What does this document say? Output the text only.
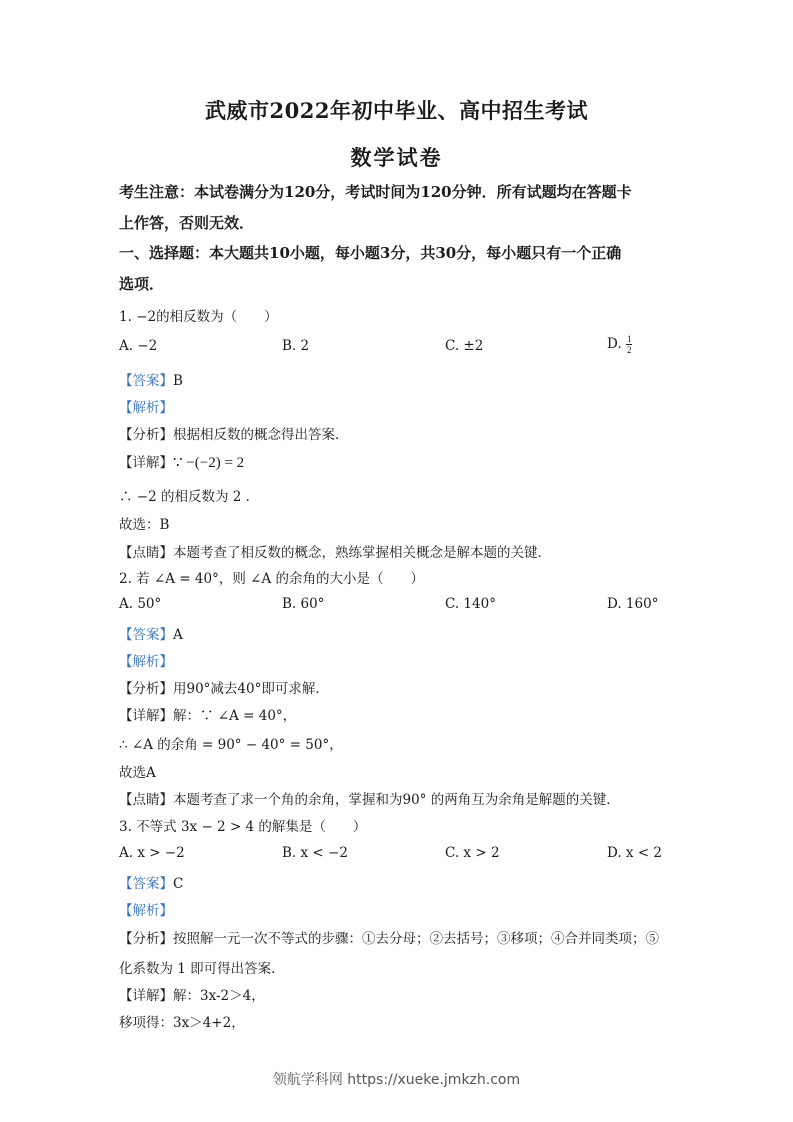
武威市2022年初中毕业、高中招生考试
数学试卷
考生注意：本试卷满分为120分，考试时间为120分钟．所有试题均在答题卡
上作答，否则无效．
一、选择题：本大题共10小题，每小题3分，共30分，每小题只有一个正确
选项．
1. −2的相反数为（　　）
A. −2	B. 2	C. ±2	D. $\frac{1}{2}$
【答案】B
【解析】
【分析】根据相反数的概念得出答案．
【详解】∵ −(−2) = 2
∴ −2 的相反数为 2 ．
故选：B
【点睛】本题考查了相反数的概念，熟练掌握相关概念是解本题的关键．
2. 若 ∠A = 40°，则 ∠A 的余角的大小是（　　）
A. 50°	B. 60°	C. 140°	D. 160°
【答案】A
【解析】
【分析】用90°减去40°即可求解．
【详解】解：∵ ∠A = 40°，
∴ ∠A 的余角 = 90° − 40° = 50°，
故选A
【点睛】本题考查了求一个角的余角，掌握和为90° 的两角互为余角是解题的关键．
3. 不等式 3x − 2 > 4 的解集是（　　）
A. x > −2	B. x < −2	C. x > 2	D. x < 2
【答案】C
【解析】
【分析】按照解一元一次不等式的步骤：①去分母；②去括号；③移项；④合并同类项；⑤
化系数为 1 即可得出答案．
【详解】解：3x-2＞4，
移项得：3x＞4+2，
领航学科网 https://xueke.jmkzh.com
